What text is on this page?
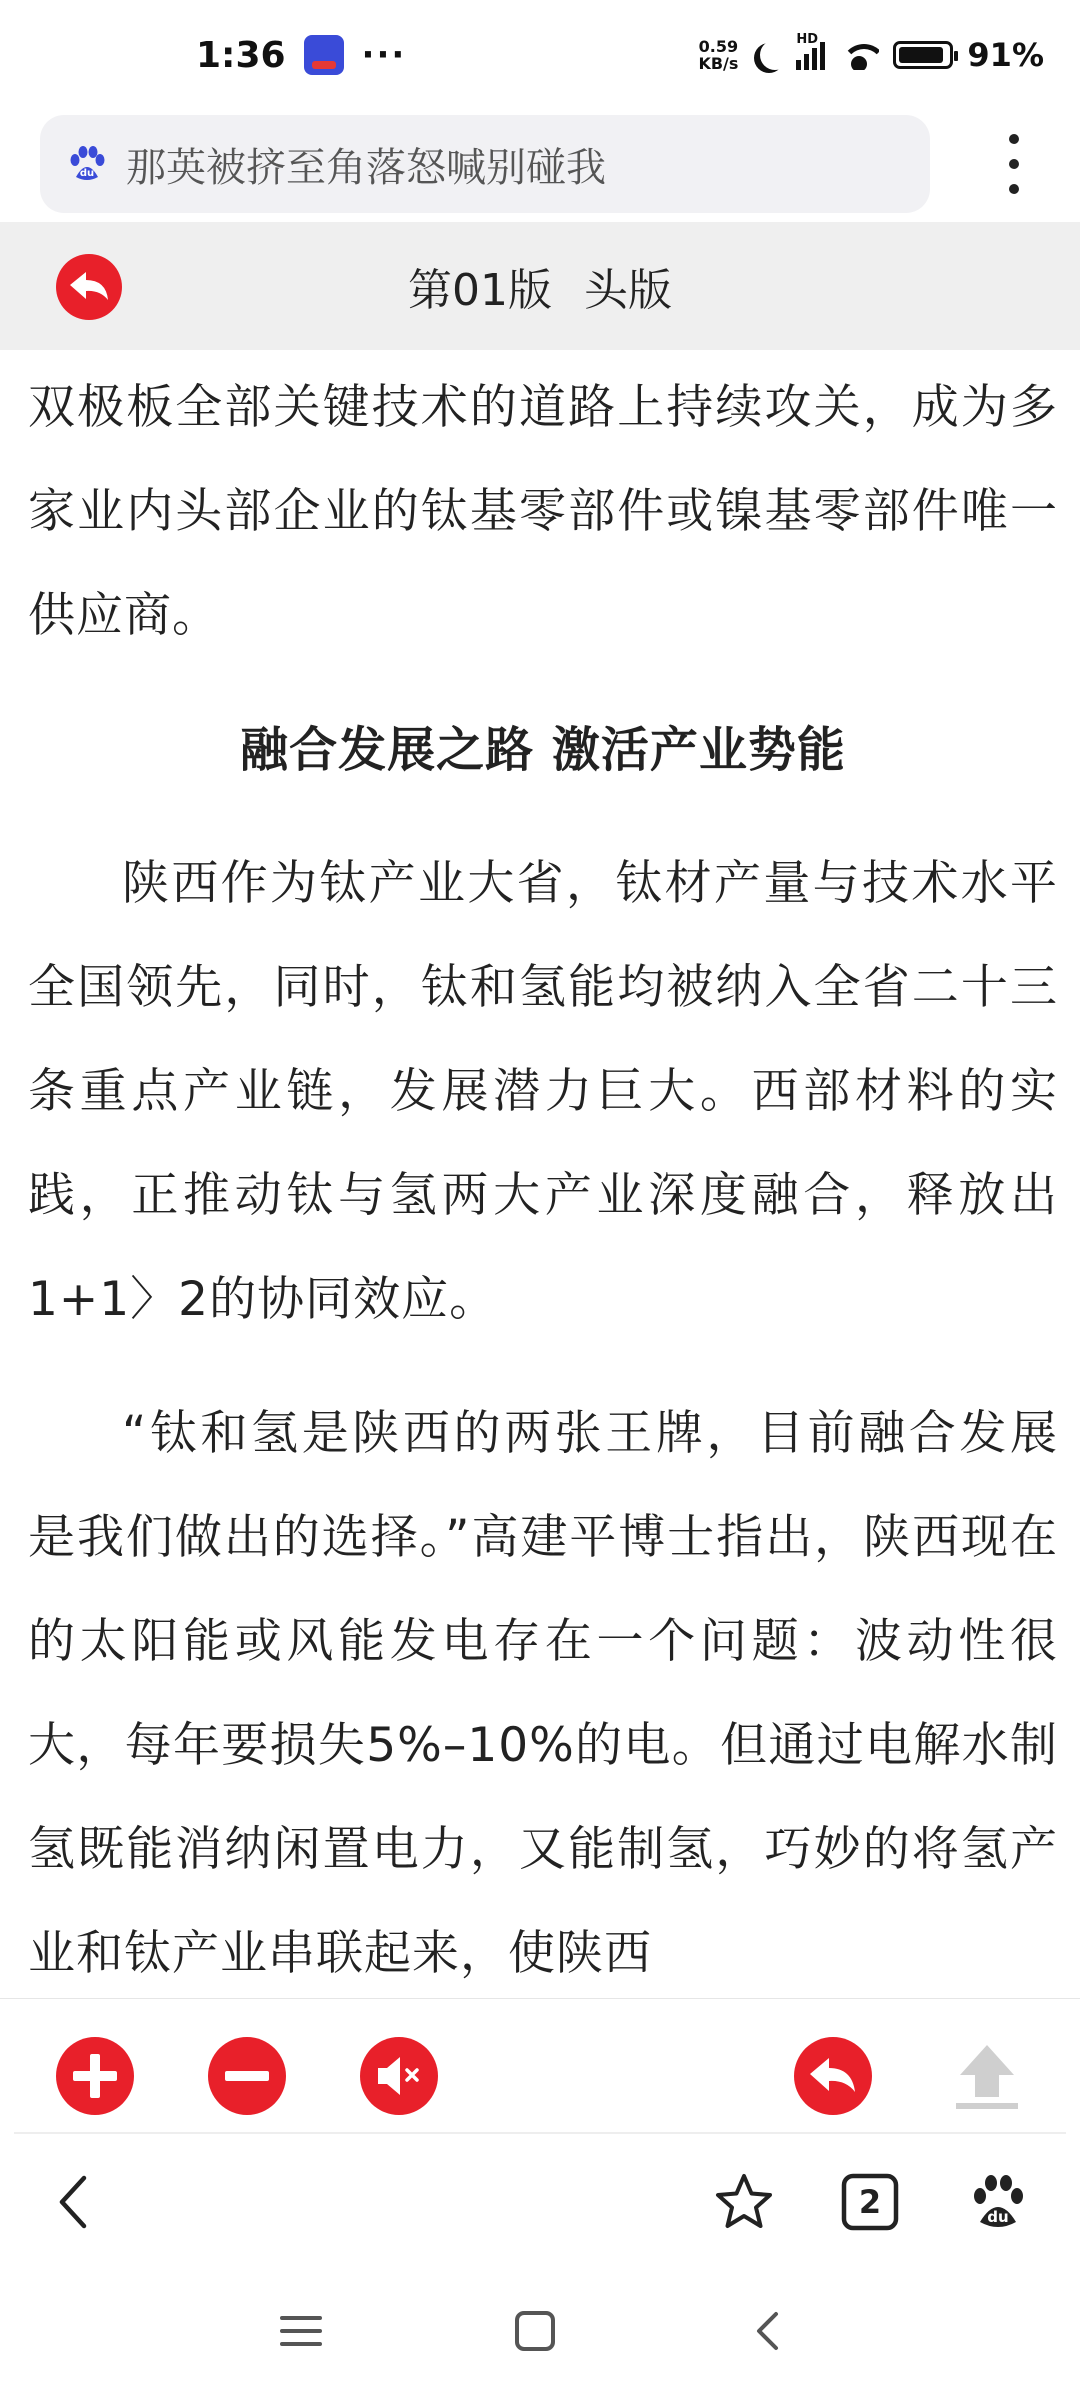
1:36 ···	0.59
KB/s
HD	91%
du 那英被挤至角落怒喊别碰我
第01版 头版

双极板全部关键技术的道路上持续攻关，成为多家业内头部企业的钛基零部件或镍基零部件唯一供应商。

融合发展之路 激活产业势能

陕西作为钛产业大省，钛材产量与技术水平全国领先，同时，钛和氢能均被纳入全省二十三条重点产业链，发展潜力巨大。西部材料的实践，正推动钛与氢两大产业深度融合，释放出1+1〉2的协同效应。

“钛和氢是陕西的两张王牌，目前融合发展是我们做出的选择。”高建平博士指出，陕西现在的太阳能或风能发电存在一个问题：波动性很大，每年要损失5%–10%的电。但通过电解水制氢既能消纳闲置电力，又能制氢，巧妙的将氢产业和钛产业串联起来，使陕西

2	du
